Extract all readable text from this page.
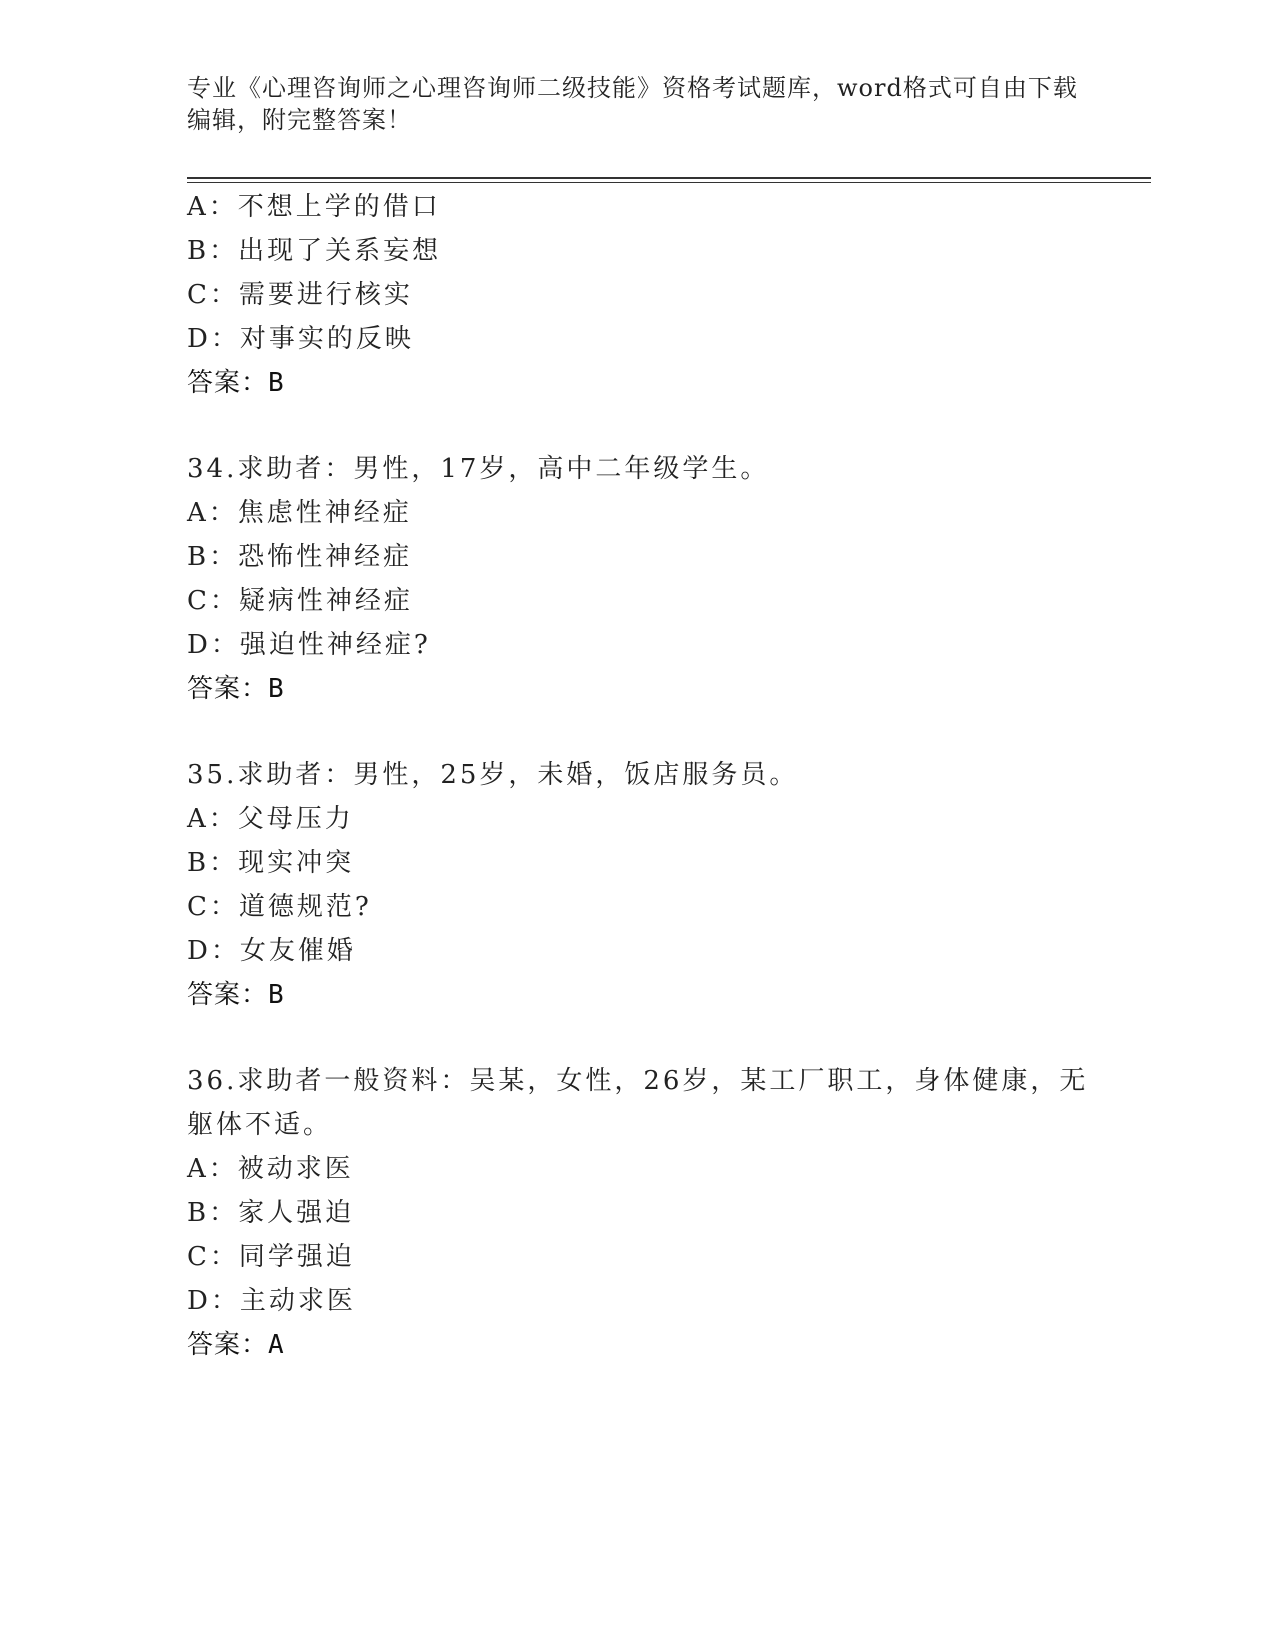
专业《心理咨询师之心理咨询师二级技能》资格考试题库，word格式可自由下载
编辑，附完整答案！
A：不想上学的借口
B：出现了关系妄想
C：需要进行核实
D：对事实的反映
答案：B
34.求助者：男性，17岁，高中二年级学生。
A：焦虑性神经症
B：恐怖性神经症
C：疑病性神经症
D：强迫性神经症?
答案：B
35.求助者：男性，25岁，未婚，饭店服务员。
A：父母压力
B：现实冲突
C：道德规范?
D：女友催婚
答案：B
36.求助者一般资料：吴某，女性，26岁，某工厂职工，身体健康，无
躯体不适。
A：被动求医
B：家人强迫
C：同学强迫
D：主动求医
答案：A
